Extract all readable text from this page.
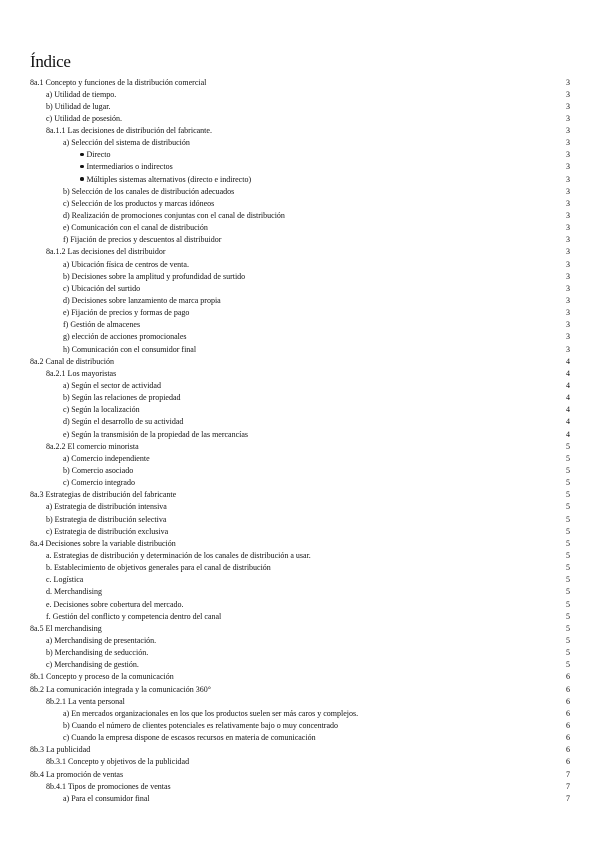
Índice
8a.1 Concepto y funciones de la distribución comercial	3
a) Utilidad de tiempo.	3
b) Utilidad de lugar.	3
c) Utilidad de posesión.	3
8a.1.1 Las decisiones de distribución del fabricante.	3
a) Selección del sistema de distribución	3
Directo	3
Intermediarios o indirectos	3
Múltiples sistemas alternativos (directo e indirecto)	3
b) Selección de los canales de distribución adecuados	3
c) Selección de los productos y marcas idóneos	3
d) Realización de promociones conjuntas con el canal de distribución	3
e) Comunicación con el canal de distribución	3
f) Fijación de precios y descuentos al distribuidor	3
8a.1.2 Las decisiones del distribuidor	3
a) Ubicación física de centros de venta.	3
b) Decisiones sobre la amplitud y profundidad de surtido	3
c) Ubicación del surtido	3
d) Decisiones sobre lanzamiento de marca propia	3
e) Fijación de precios y formas de pago	3
f) Gestión de almacenes	3
g) elección de acciones promocionales	3
h) Comunicación con el consumidor final	3
8a.2 Canal de distribución	4
8a.2.1 Los mayoristas	4
a) Según el sector de actividad	4
b) Según las relaciones de propiedad	4
c) Según la localización	4
d) Según el desarrollo de su actividad	4
e) Según la transmisión de la propiedad de las mercancías	4
8a.2.2 El comercio minorista	5
a) Comercio independiente	5
b) Comercio asociado	5
c) Comercio integrado	5
8a.3 Estrategias de distribución del fabricante	5
a) Estrategia de distribución intensiva	5
b) Estrategia de distribución selectiva	5
c) Estrategia de distribución exclusiva	5
8a.4 Decisiones sobre la variable distribución	5
a. Estrategias de distribución y determinación de los canales de distribución a usar.	5
b. Establecimiento de objetivos generales para el canal de distribución	5
c. Logística	5
d. Merchandising	5
e. Decisiones sobre cobertura del mercado.	5
f. Gestión del conflicto y competencia dentro del canal	5
8a.5 El merchandising	5
a) Merchandising de presentación.	5
b) Merchandising de seducción.	5
c) Merchandising de gestión.	5
8b.1 Concepto y proceso de la comunicación	6
8b.2 La comunicación integrada y la comunicación 360°	6
8b.2.1 La venta personal	6
a) En mercados organizacionales en los que los productos suelen ser más caros y complejos.	6
b) Cuando el número de clientes potenciales es relativamente bajo o muy concentrado	6
c) Cuando la empresa dispone de escasos recursos en materia de comunicación	6
8b.3 La publicidad	6
8b.3.1 Concepto y objetivos de la publicidad	6
8b.4 La promoción de ventas	7
8b.4.1 Tipos de promociones de ventas	7
a) Para el consumidor final	7
